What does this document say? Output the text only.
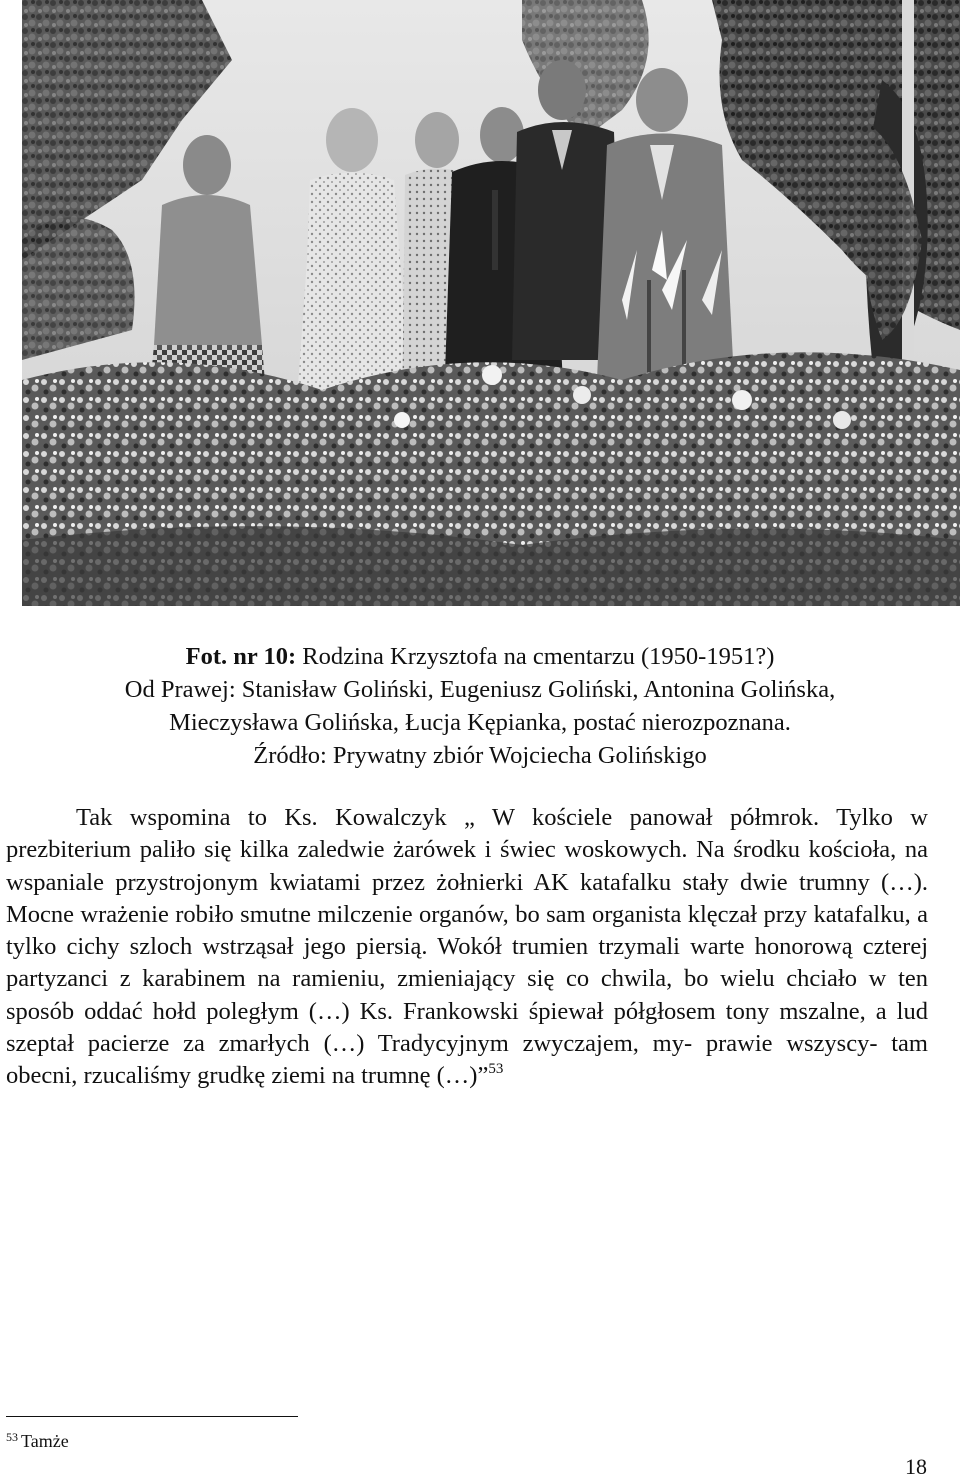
Fot. nr 10: Rodzina Krzysztofa na cmentarzu (1950-1951?)
Od Prawej: Stanisław Goliński, Eugeniusz Goliński, Antonina Golińska,
Mieczysława Golińska, Łucja Kępianka, postać nierozpoznana.
Źródło: Prywatny zbiór Wojciecha Golińskigo

Tak wspomina to Ks. Kowalczyk „ W kościele panował półmrok. Tylko w prezbiterium paliło się kilka zaledwie żarówek i świec woskowych. Na środku kościoła, na wspaniale przystrojonym kwiatami przez żołnierki AK katafalku stały dwie trumny (…). Mocne wrażenie robiło smutne milczenie organów, bo sam organista klęczał przy katafalku, a tylko cichy szloch wstrząsał jego piersią. Wokół trumien trzymali warte honorową czterej partyzanci z karabinem na ramieniu, zmieniający się co chwila, bo wielu chciało w ten sposób oddać hołd poległym (…) Ks. Frankowski śpiewał półgłosem tony mszalne, a lud szeptał pacierze za zmarłych (…) Tradycyjnym zwyczajem, my- prawie wszyscy- tam obecni, rzucaliśmy grudkę ziemi na trumnę (…)”$^{53}$

$^{53}$ Tamże
18
